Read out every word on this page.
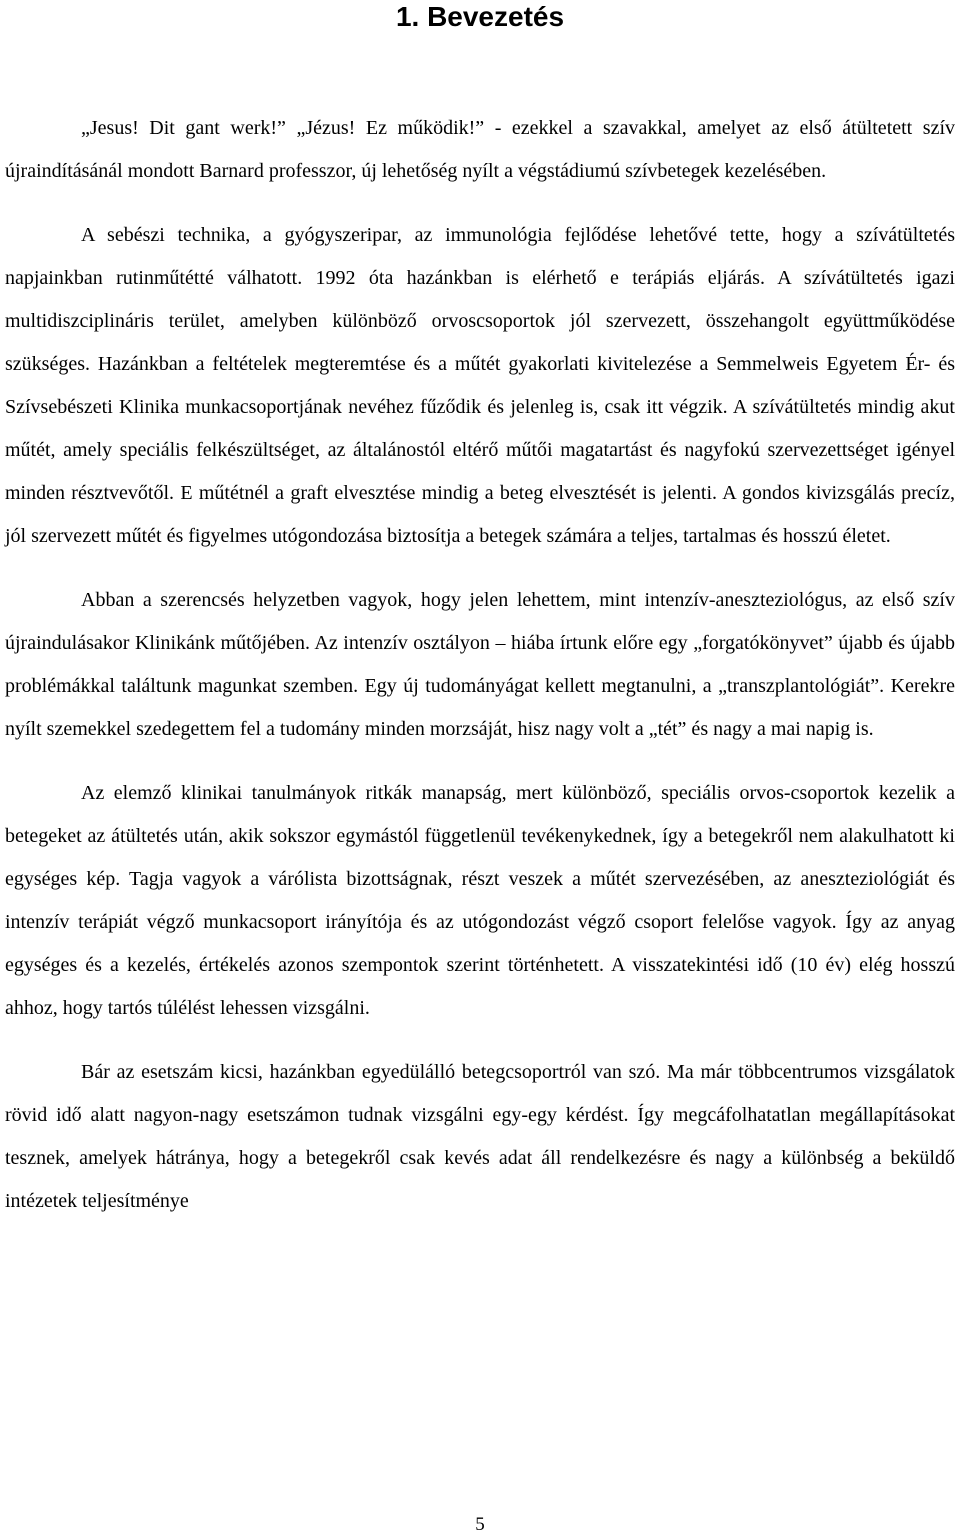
1. Bevezetés

„Jesus! Dit gant werk!” „Jézus! Ez működik!” - ezekkel a szavakkal, amelyet az első átültetett szív újraindításánál mondott Barnard professzor, új lehetőség nyílt a végstádiumú szívbetegek kezelésében.

A sebészi technika, a gyógyszeripar, az immunológia fejlődése lehetővé tette, hogy a szívátültetés napjainkban rutinműtétté válhatott. 1992 óta hazánkban is elérhető e terápiás eljárás. A szívátültetés igazi multidiszciplináris terület, amelyben különböző orvoscsoportok jól szervezett, összehangolt együttműködése szükséges. Hazánkban a feltételek megteremtése és a műtét gyakorlati kivitelezése a Semmelweis Egyetem Ér- és Szívsebészeti Klinika munkacsoportjának nevéhez fűződik és jelenleg is, csak itt végzik. A szívátültetés mindig akut műtét, amely speciális felkészültséget, az általánostól eltérő műtői magatartást és nagyfokú szervezettséget igényel minden résztvevőtől. E műtétnél a graft elvesztése mindig a beteg elvesztését is jelenti. A gondos kivizsgálás precíz, jól szervezett műtét és figyelmes utógondozása biztosítja a betegek számára a teljes, tartalmas és hosszú életet.

Abban a szerencsés helyzetben vagyok, hogy jelen lehettem, mint intenzív-aneszteziológus, az első szív újraindulásakor Klinikánk műtőjében. Az intenzív osztályon – hiába írtunk előre egy „forgatókönyvet” újabb és újabb problémákkal találtunk magunkat szemben. Egy új tudományágat kellett megtanulni, a „transzplantológiát”. Kerekre nyílt szemekkel szedegettem fel a tudomány minden morzsáját, hisz nagy volt a „tét” és nagy a mai napig is.

Az elemző klinikai tanulmányok ritkák manapság, mert különböző, speciális orvos-csoportok kezelik a betegeket az átültetés után, akik sokszor egymástól függetlenül tevékenykednek, így a betegekről nem alakulhatott ki egységes kép. Tagja vagyok a várólista bizottságnak, részt veszek a műtét szervezésében, az aneszteziológiát és intenzív terápiát végző munkacsoport irányítója és az utógondozást végző csoport felelőse vagyok. Így az anyag egységes és a kezelés, értékelés azonos szempontok szerint történhetett. A visszatekintési idő (10 év) elég hosszú ahhoz, hogy tartós túlélést lehessen vizsgálni.

Bár az esetszám kicsi, hazánkban egyedülálló betegcsoportról van szó. Ma már többcentrumos vizsgálatok rövid idő alatt nagyon-nagy esetszámon tudnak vizsgálni egy-egy kérdést. Így megcáfolhatatlan megállapításokat tesznek, amelyek hátránya, hogy a betegekről csak kevés adat áll rendelkezésre és nagy a különbség a beküldő intézetek teljesítménye

5
